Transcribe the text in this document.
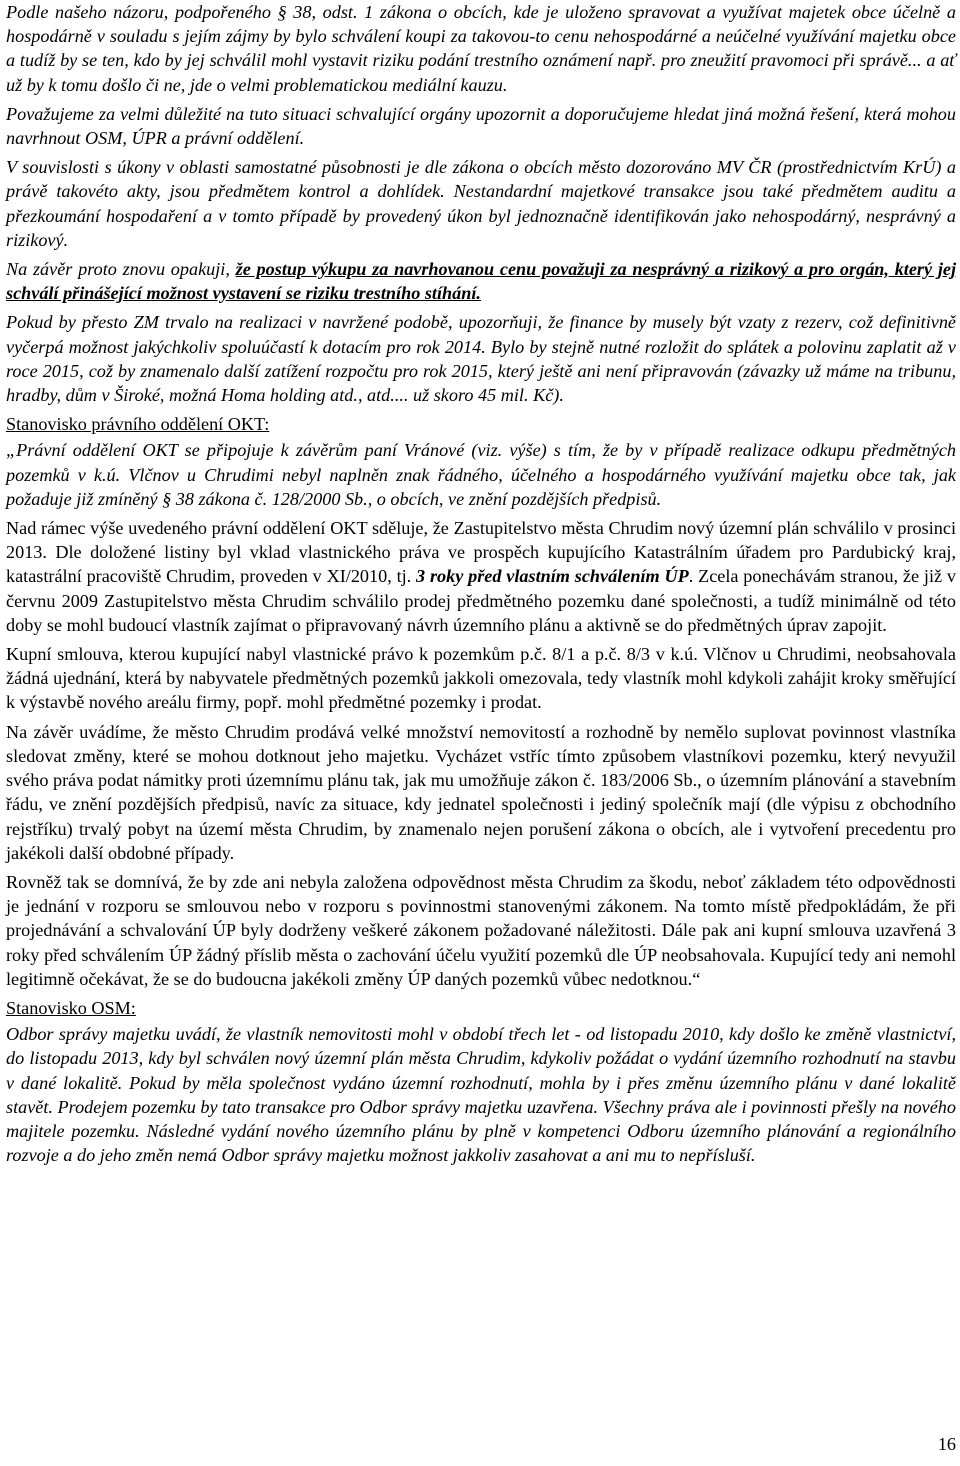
Podle našeho názoru, podpořeného § 38, odst. 1 zákona o obcích, kde je uloženo spravovat a využívat majetek obce účelně a hospodárně v souladu s jejím zájmy by bylo schválení koupi za takovou-to cenu nehospodárné a neúčelné využívání majetku obce a tudíž by se ten, kdo by jej schválil mohl vystavit riziku podání trestního oznámení např. pro zneužití pravomoci při správě... a ať už by k tomu došlo či ne, jde o velmi problematickou mediální kauzu.

Považujeme za velmi důležité na tuto situaci schvalující orgány upozornit a doporučujeme hledat jiná možná řešení, která mohou navrhnout OSM, ÚPR a právní oddělení.

V souvislosti s úkony v oblasti samostatné působnosti je dle zákona o obcích město dozorováno MV ČR (prostřednictvím KrÚ) a právě takovéto akty, jsou předmětem kontrol a dohlídek. Nestandardní majetkové transakce jsou také předmětem auditu a přezkoumání hospodaření a v tomto případě by provedený úkon byl jednoznačně identifikován jako nehospodárný, nesprávný a rizikový.

Na závěr proto znovu opakuji, že postup výkupu za navrhovanou cenu považuji za nesprávný a rizikový a pro orgán, který jej schválí přinášející možnost vystavení se riziku trestního stíhání.

Pokud by přesto ZM trvalo na realizaci v navržené podobě, upozorňuji, že finance by musely být vzaty z rezerv, což definitivně vyčerpá možnost jakýchkoliv spoluúčastí k dotacím pro rok 2014. Bylo by stejně nutné rozložit do splátek a polovinu zaplatit až v roce 2015, což by znamenalo další zatížení rozpočtu pro rok 2015, který ještě ani není připravován (závazky už máme na tribunu, hradby, dům v Široké, možná Homa holding atd., atd.... už skoro 45 mil. Kč).

Stanovisko právního oddělení OKT:

„Právní oddělení OKT se připojuje k závěrům paní Vránové (viz. výše) s tím, že by v případě realizace odkupu předmětných pozemků v k.ú. Vlčnov u Chrudimi nebyl naplněn znak řádného, účelného a hospodárného využívání majetku obce tak, jak požaduje již zmíněný § 38 zákona č. 128/2000 Sb., o obcích, ve znění pozdějších předpisů.

Nad rámec výše uvedeného právní oddělení OKT sděluje, že Zastupitelstvo města Chrudim nový územní plán schválilo v prosinci 2013. Dle doložené listiny byl vklad vlastnického práva ve prospěch kupujícího Katastrálním úřadem pro Pardubický kraj, katastrální pracoviště Chrudim, proveden v XI/2010, tj. 3 roky před vlastním schválením ÚP. Zcela ponechávám stranou, že již v červnu 2009 Zastupitelstvo města Chrudim schválilo prodej předmětného pozemku dané společnosti, a tudíž minimálně od této doby se mohl budoucí vlastník zajímat o připravovaný návrh územního plánu a aktivně se do předmětných úprav zapojit.

Kupní smlouva, kterou kupující nabyl vlastnické právo k pozemkům p.č. 8/1 a p.č. 8/3 v k.ú. Vlčnov u Chrudimi, neobsahovala žádná ujednání, která by nabyvatele předmětných pozemků jakkoli omezovala, tedy vlastník mohl kdykoli zahájit kroky směřující k výstavbě nového areálu firmy, popř. mohl předmětné pozemky i prodat.

Na závěr uvádíme, že město Chrudim prodává velké množství nemovitostí a rozhodně by nemělo suplovat povinnost vlastníka sledovat změny, které se mohou dotknout jeho majetku. Vycházet vstříc tímto způsobem vlastníkovi pozemku, který nevyužil svého práva podat námitky proti územnímu plánu tak, jak mu umožňuje zákon č. 183/2006 Sb., o územním plánování a stavebním řádu, ve znění pozdějších předpisů, navíc za situace, kdy jednatel společnosti i jediný společník mají (dle výpisu z obchodního rejstříku) trvalý pobyt na území města Chrudim, by znamenalo nejen porušení zákona o obcích, ale i vytvoření precedentu pro jakékoli další obdobné případy.

Rovněž tak se domnívá, že by zde ani nebyla založena odpovědnost města Chrudim za škodu, neboť základem této odpovědnosti je jednání v rozporu se smlouvou nebo v rozporu s povinnostmi stanovenými zákonem. Na tomto místě předpokládám, že při projednávání a schvalování ÚP byly dodrženy veškeré zákonem požadované náležitosti. Dále pak ani kupní smlouva uzavřená 3 roky před schválením ÚP žádný příslib města o zachování účelu využití pozemků dle ÚP neobsahovala. Kupující tedy ani nemohl legitimně očekávat, že se do budoucna jakékoli změny ÚP daných pozemků vůbec nedotknou.“

Stanovisko OSM:

Odbor správy majetku uvádí, že vlastník nemovitosti mohl v období třech let - od listopadu 2010, kdy došlo ke změně vlastnictví, do listopadu 2013, kdy byl schválen nový územní plán města Chrudim, kdykoliv požádat o vydání územního rozhodnutí na stavbu v dané lokalitě. Pokud by měla společnost vydáno územní rozhodnutí, mohla by i přes změnu územního plánu v dané lokalitě stavět. Prodejem pozemku by tato transakce pro Odbor správy majetku uzavřena. Všechny práva ale i povinnosti přešly na nového majitele pozemku. Následné vydání nového územního plánu by plně v kompetenci Odboru územního plánování a regionálního rozvoje a do jeho změn nemá Odbor správy majetku možnost jakkoliv zasahovat a ani mu to nepřísluší.

16
